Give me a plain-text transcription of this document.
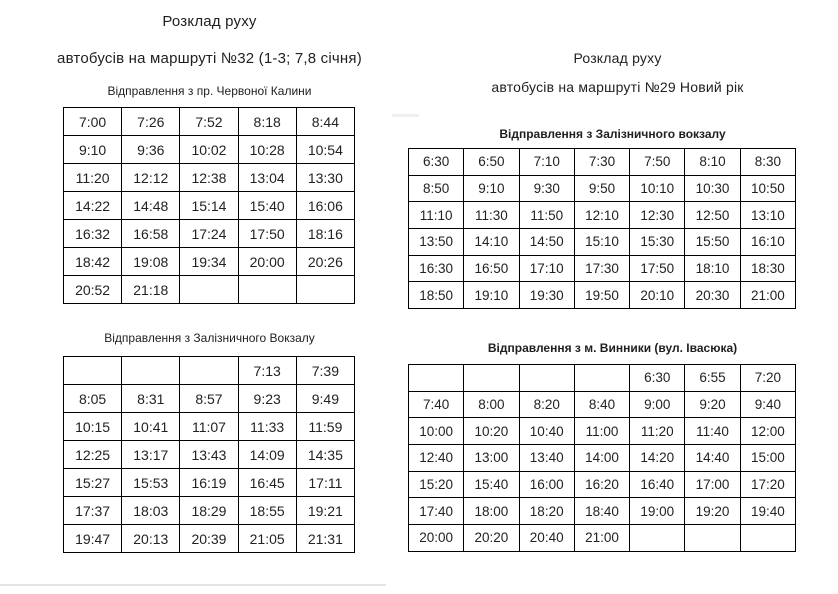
Розклад руху
автобусів на маршруті №32 (1-3; 7,8 січня)
Відправлення з пр. Червоної Калини
7:00	7:26	7:52	8:18	8:44
9:10	9:36	10:02	10:28	10:54
11:20	12:12	12:38	13:04	13:30
14:22	14:48	15:14	15:40	16:06
16:32	16:58	17:24	17:50	18:16
18:42	19:08	19:34	20:00	20:26
20:52	21:18			
Відправлення з Залізничного Вокзалу
			7:13	7:39
8:05	8:31	8:57	9:23	9:49
10:15	10:41	11:07	11:33	11:59
12:25	13:17	13:43	14:09	14:35
15:27	15:53	16:19	16:45	17:11
17:37	18:03	18:29	18:55	19:21
19:47	20:13	20:39	21:05	21:31
Розклад руху
автобусів на маршруті №29 Новий рік
Відправлення з Залізничного вокзалу
6:30	6:50	7:10	7:30	7:50	8:10	8:30
8:50	9:10	9:30	9:50	10:10	10:30	10:50
11:10	11:30	11:50	12:10	12:30	12:50	13:10
13:50	14:10	14:50	15:10	15:30	15:50	16:10
16:30	16:50	17:10	17:30	17:50	18:10	18:30
18:50	19:10	19:30	19:50	20:10	20:30	21:00
Відправлення з м. Винники (вул. Івасюка)
				6:30	6:55	7:20
7:40	8:00	8:20	8:40	9:00	9:20	9:40
10:00	10:20	10:40	11:00	11:20	11:40	12:00
12:40	13:00	13:40	14:00	14:20	14:40	15:00
15:20	15:40	16:00	16:20	16:40	17:00	17:20
17:40	18:00	18:20	18:40	19:00	19:20	19:40
20:00	20:20	20:40	21:00			
